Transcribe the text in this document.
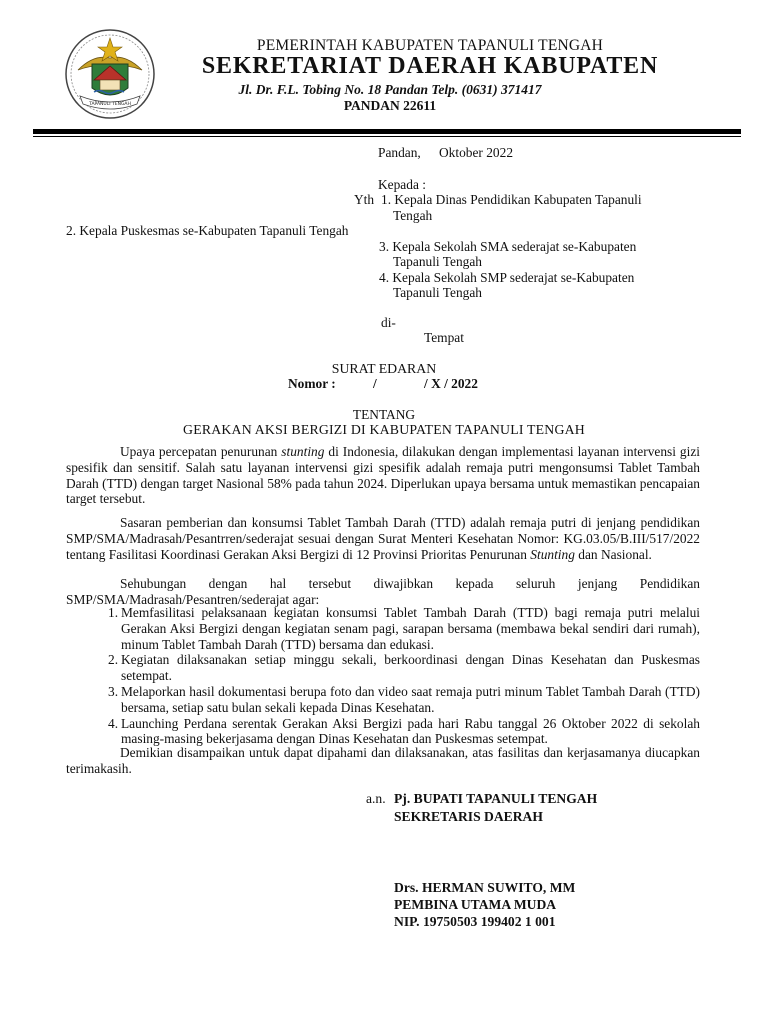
TAPANULI TENGAH
PEMERINTAH KABUPATEN TAPANULI TENGAH
SEKRETARIAT DAERAH KABUPATEN
Jl. Dr. F.L. Tobing No. 18 Pandan Telp. (0631) 371417
PANDAN 22611
Pandan, Oktober 2022
Kepada :
Yth 1. Kepala Dinas Pendidikan Kabupaten Tapanuli
Tengah
2. Kepala Puskesmas se-Kabupaten Tapanuli Tengah
3. Kepala Sekolah SMA sederajat se-Kabupaten
Tapanuli Tengah
4. Kepala Sekolah SMP sederajat se-Kabupaten
Tapanuli Tengah
di-
Tempat
SURAT EDARAN
Nomor :	/	/ X / 2022
TENTANG
GERAKAN AKSI BERGIZI DI KABUPATEN TAPANULI TENGAH
Upaya percepatan penurunan stunting di Indonesia, dilakukan dengan implementasi layanan intervensi gizi spesifik dan sensitif. Salah satu layanan intervensi gizi spesifik adalah remaja putri mengonsumsi Tablet Tambah Darah (TTD) dengan target Nasional 58% pada tahun 2024. Diperlukan upaya bersama untuk memastikan pencapaian target tersebut.
Sasaran pemberian dan konsumsi Tablet Tambah Darah (TTD) adalah remaja putri di jenjang pendidikan SMP/SMA/Madrasah/Pesantrren/sederajat sesuai dengan Surat Menteri Kesehatan Nomor: KG.03.05/B.III/517/2022 tentang Fasilitasi Koordinasi Gerakan Aksi Bergizi di 12 Provinsi Prioritas Penurunan Stunting dan Nasional.
Sehubungan dengan hal tersebut diwajibkan kepada seluruh jenjang Pendidikan SMP/SMA/Madrasah/Pesantren/sederajat agar:
1. Memfasilitasi pelaksanaan kegiatan konsumsi Tablet Tambah Darah (TTD) bagi remaja putri melalui Gerakan Aksi Bergizi dengan kegiatan senam pagi, sarapan bersama (membawa bekal sendiri dari rumah), minum Tablet Tambah Darah (TTD) bersama dan edukasi.
2. Kegiatan dilaksanakan setiap minggu sekali, berkoordinasi dengan Dinas Kesehatan dan Puskesmas setempat.
3. Melaporkan hasil dokumentasi berupa foto dan video saat remaja putri minum Tablet Tambah Darah (TTD) bersama, setiap satu bulan sekali kepada Dinas Kesehatan.
4. Launching Perdana serentak Gerakan Aksi Bergizi pada hari Rabu tanggal 26 Oktober 2022 di sekolah masing-masing bekerjasama dengan Dinas Kesehatan dan Puskesmas setempat.
Demikian disampaikan untuk dapat dipahami dan dilaksanakan, atas fasilitas dan kerjasamanya diucapkan terimakasih.
a.n. Pj. BUPATI TAPANULI TENGAH
SEKRETARIS DAERAH
Drs. HERMAN SUWITO, MM
PEMBINA UTAMA MUDA
NIP. 19750503 199402 1 001
